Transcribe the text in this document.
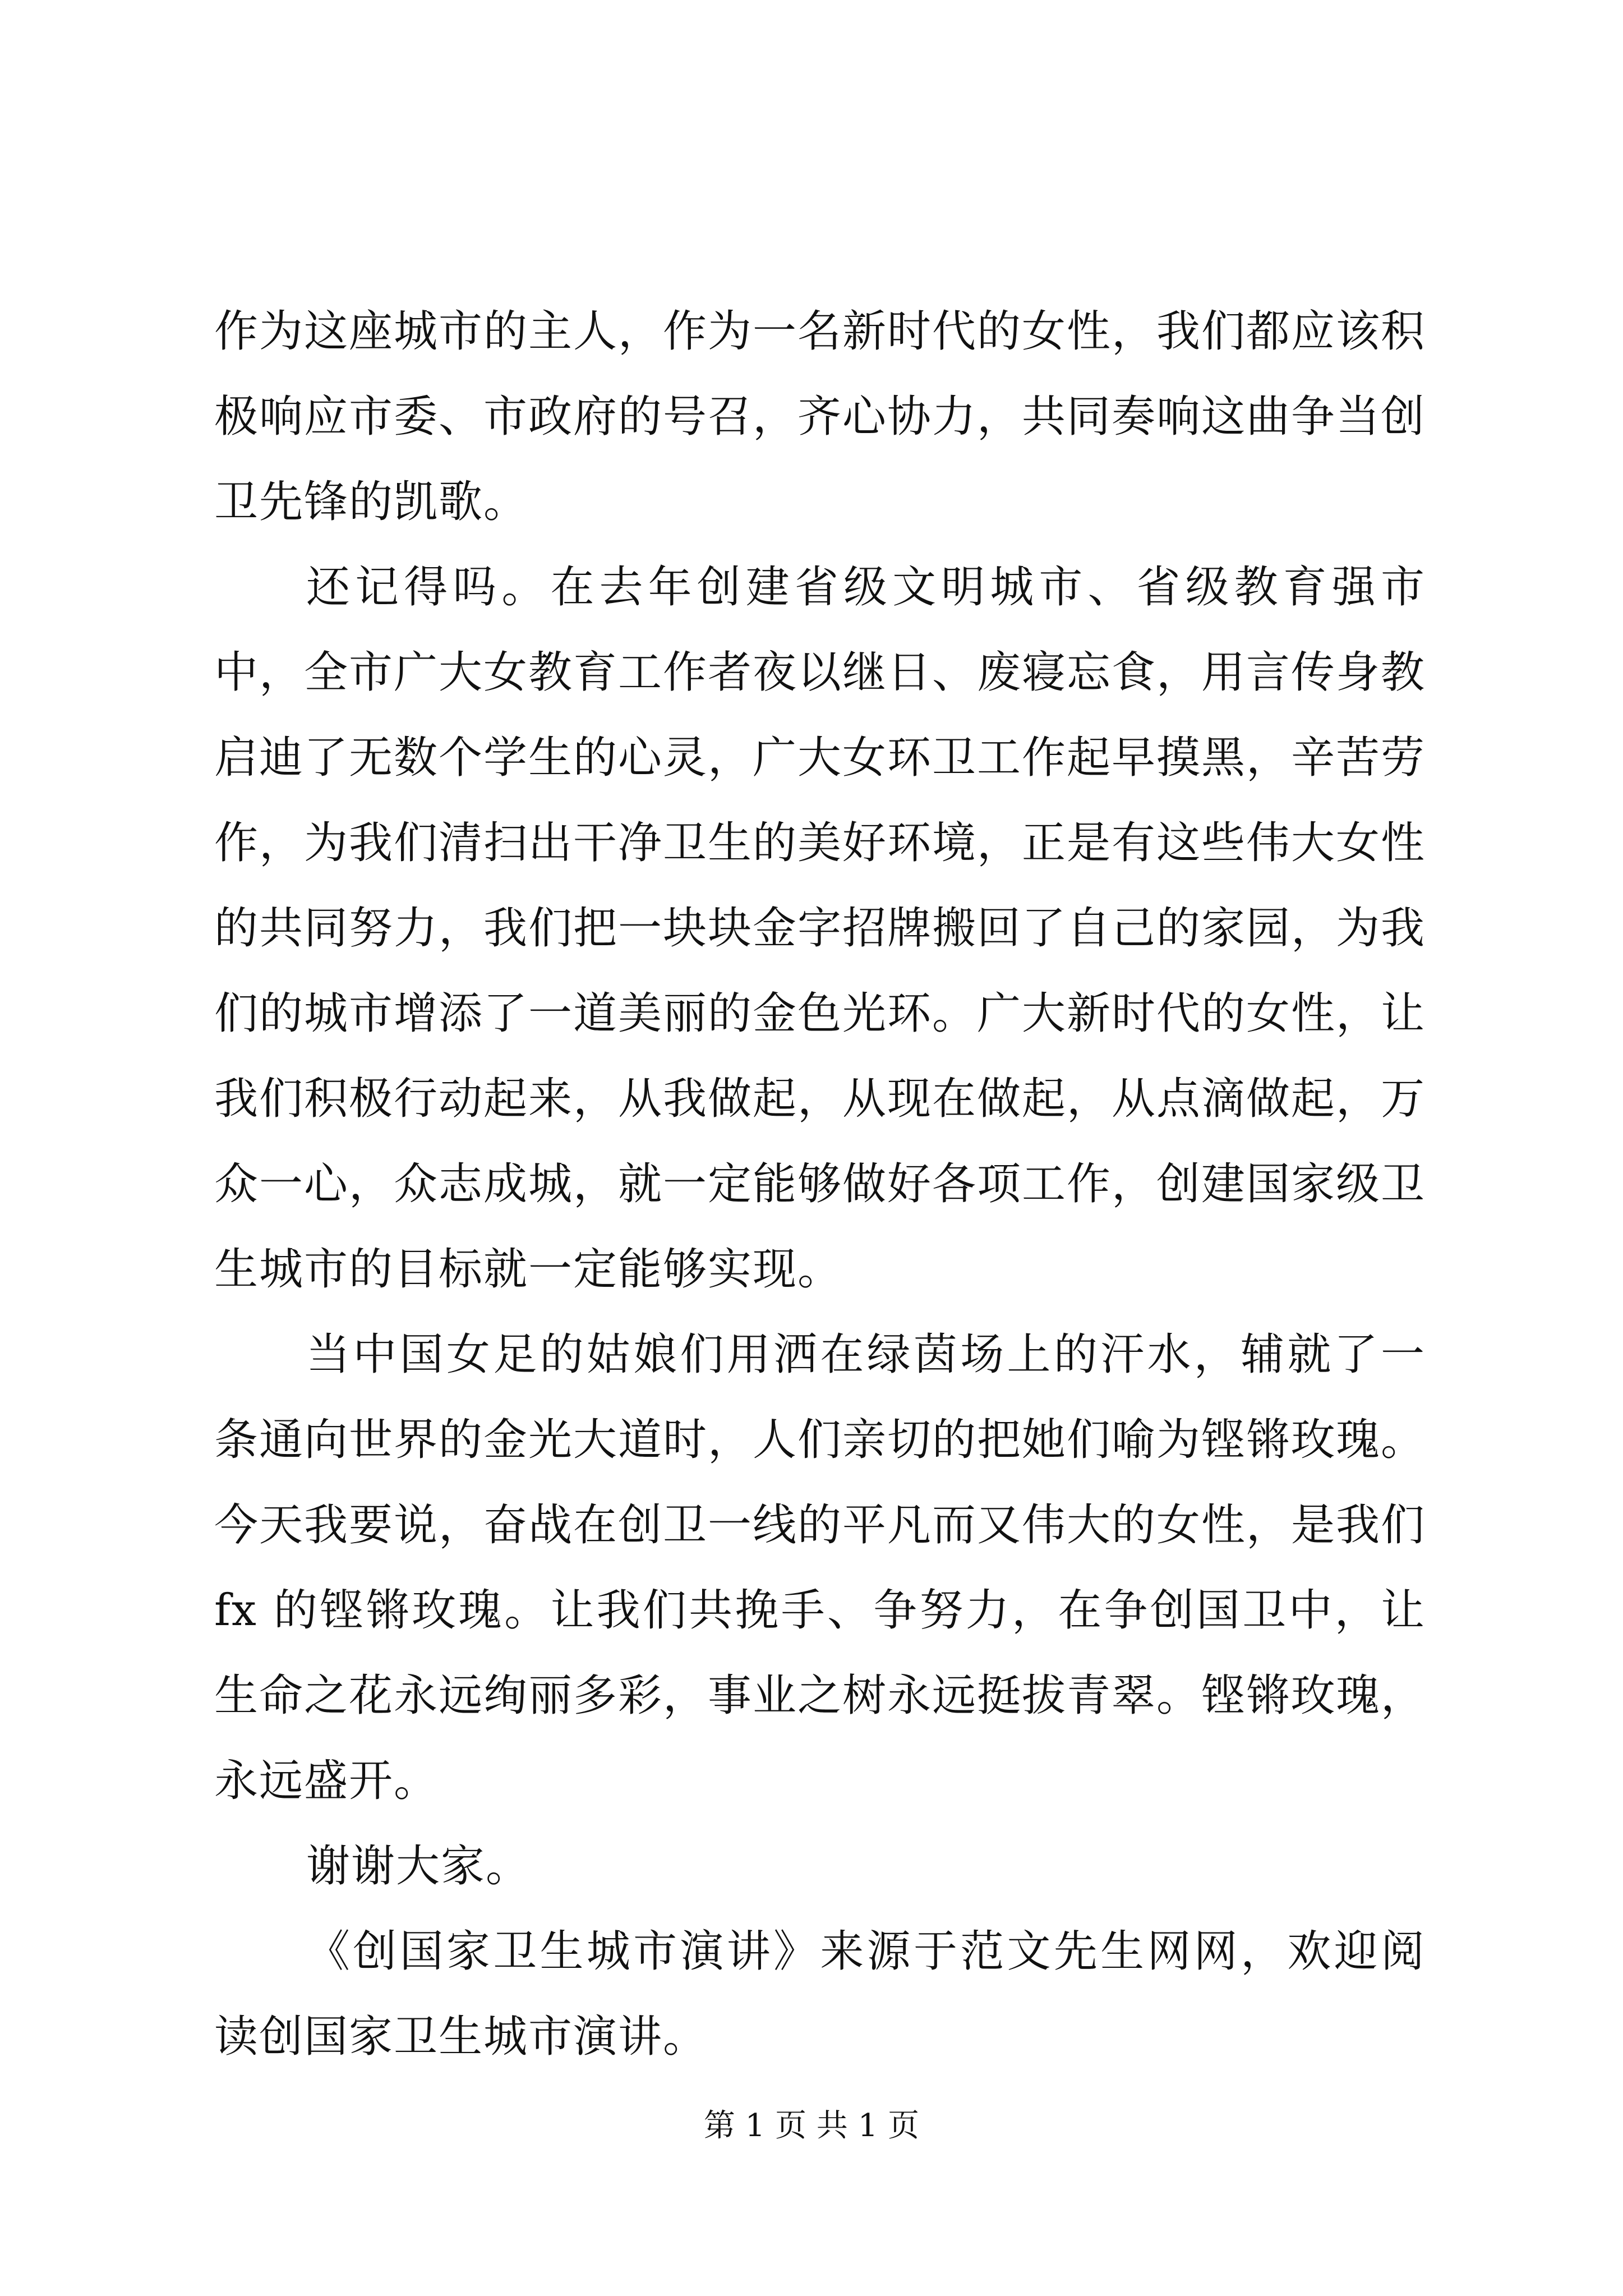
作为这座城市的主人，作为一名新时代的女性，我们都应该积极响应市委、市政府的号召，齐心协力，共同奏响这曲争当创卫先锋的凯歌。

还记得吗。在去年创建省级文明城市、省级教育强市中，全市广大女教育工作者夜以继日、废寝忘食，用言传身教启迪了无数个学生的心灵，广大女环卫工作起早摸黑，辛苦劳作，为我们清扫出干净卫生的美好环境，正是有这些伟大女性的共同努力，我们把一块块金字招牌搬回了自己的家园，为我们的城市增添了一道美丽的金色光环。广大新时代的女性，让我们积极行动起来，从我做起，从现在做起，从点滴做起，万众一心，众志成城，就一定能够做好各项工作，创建国家级卫生城市的目标就一定能够实现。

当中国女足的姑娘们用洒在绿茵场上的汗水，辅就了一条通向世界的金光大道时，人们亲切的把她们喻为铿锵玫瑰。今天我要说，奋战在创卫一线的平凡而又伟大的女性，是我们 fx 的铿锵玫瑰。让我们共挽手、争努力，在争创国卫中，让生命之花永远绚丽多彩，事业之树永远挺拔青翠。铿锵玫瑰，永远盛开。

谢谢大家。

《创国家卫生城市演讲》来源于范文先生网网，欢迎阅读创国家卫生城市演讲。

第 1 页 共 1 页
